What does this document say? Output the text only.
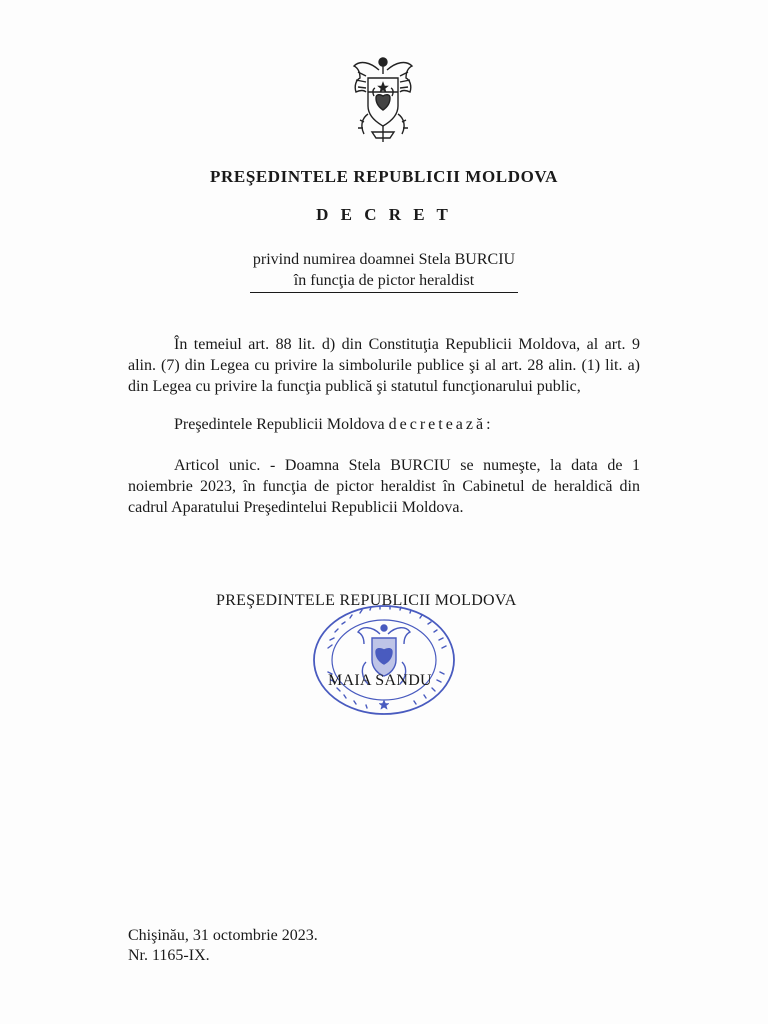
PREŞEDINTELE REPUBLICII MOLDOVA
D E C R E T
privind numirea doamnei Stela BURCIU
în funcţia de pictor heraldist
În temeiul art. 88 lit. d) din Constituţia Republicii Moldova, al art. 9 alin. (7) din Legea cu privire la simbolurile publice şi al art. 28 alin. (1) lit. a) din Legea cu privire la funcţia publică şi statutul funcţionarului public,
Preşedintele Republicii Moldova decretează:
Articol unic. - Doamna Stela BURCIU se numeşte, la data de 1 noiembrie 2023, în funcţia de pictor heraldist în Cabinetul de heraldică din cadrul Aparatului Preşedintelui Republicii Moldova.
PREŞEDINTELE REPUBLICII MOLDOVA
MAIA SANDU
Chişinău, 31 octombrie 2023.
Nr. 1165-IX.
